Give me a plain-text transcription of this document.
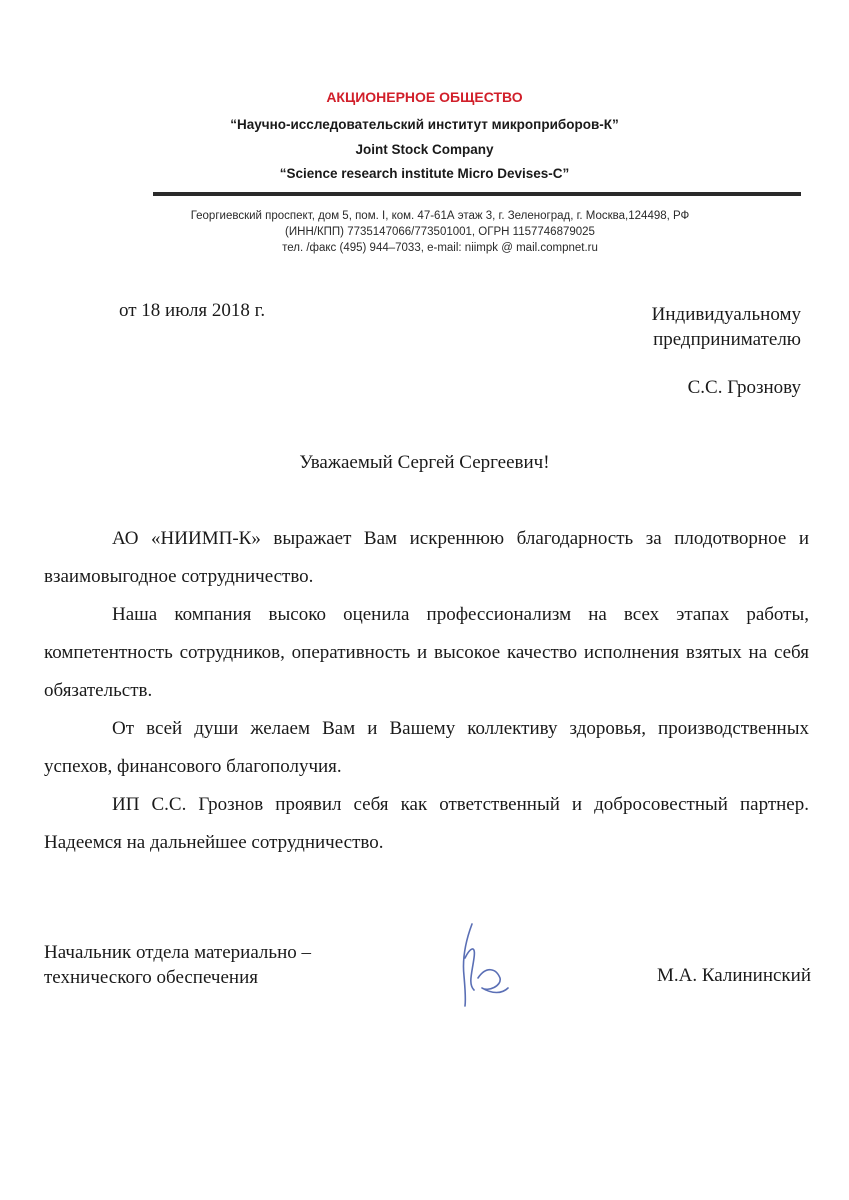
АКЦИОНЕРНОЕ ОБЩЕСТВО
“Научно-исследовательский институт микроприборов-К”
Joint Stock Company
“Science research institute Micro Devises-C”
Георгиевский проспект, дом 5, пом. I, ком. 47-61А этаж 3, г. Зеленоград, г. Москва,124498, РФ
(ИНН/КПП) 7735147066/773501001, ОГРН 1157746879025
тел. /факс (495) 944–7033, e-mail: niimpk @ mail.compnet.ru
от 18 июля 2018 г.	Индивидуальному
предпринимателю
С.С. Грознову
Уважаемый Сергей Сергеевич!

АО «НИИМП-К» выражает Вам искреннюю благодарность за плодотворное и взаимовыгодное сотрудничество.

Наша компания высоко оценила профессионализм на всех этапах работы, компетентность сотрудников, оперативность и высокое качество исполнения взятых на себя обязательств.

От всей души желаем Вам и Вашему коллективу здоровья, производственных успехов, финансового благополучия.

ИП С.С. Грознов проявил себя как ответственный и добросовестный партнер. Надеемся на дальнейшее сотрудничество.

Начальник отдела материально –
технического обеспечения	М.А. Калининский
